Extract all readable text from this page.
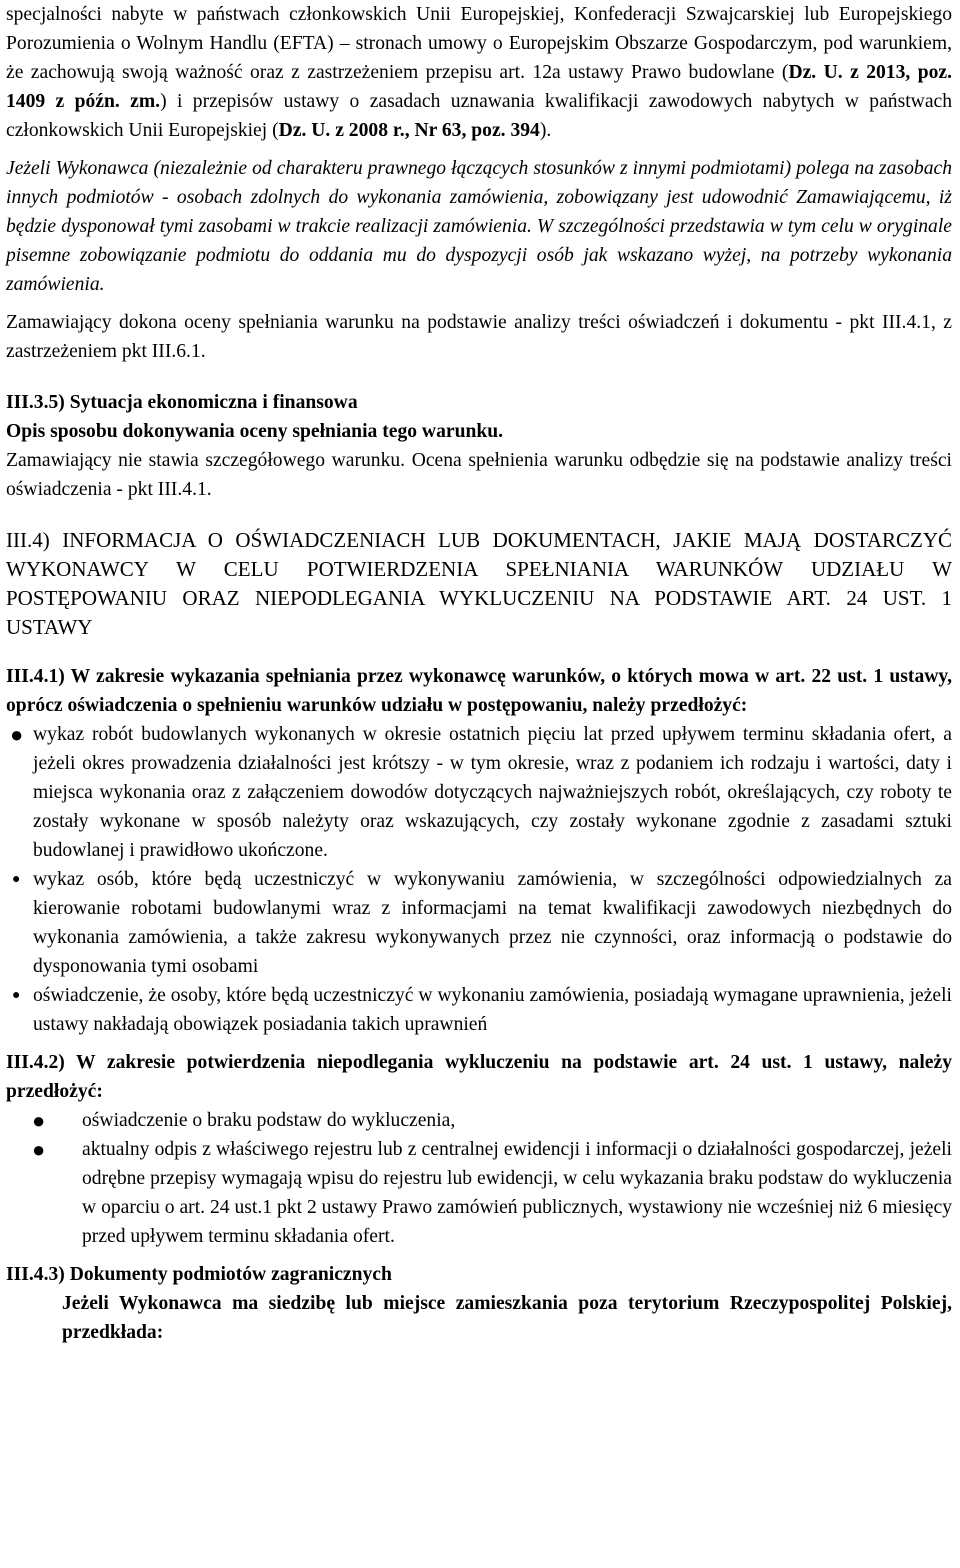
specjalności nabyte w państwach członkowskich Unii Europejskiej, Konfederacji Szwajcarskiej lub Europejskiego Porozumienia o Wolnym Handlu (EFTA) – stronach umowy o Europejskim Obszarze Gospodarczym, pod warunkiem, że zachowują swoją ważność oraz z zastrzeżeniem przepisu art. 12a ustawy Prawo budowlane (Dz. U. z 2013, poz. 1409 z późn. zm.) i przepisów ustawy o zasadach uznawania kwalifikacji zawodowych nabytych w państwach członkowskich Unii Europejskiej (Dz. U. z 2008 r., Nr 63, poz. 394).

Jeżeli Wykonawca (niezależnie od charakteru prawnego łączących stosunków z innymi podmiotami) polega na zasobach innych podmiotów - osobach zdolnych do wykonania zamówienia, zobowiązany jest udowodnić Zamawiającemu, iż będzie dysponował tymi zasobami w trakcie realizacji zamówienia. W szczególności przedstawia w tym celu w oryginale pisemne zobowiązanie podmiotu do oddania mu do dyspozycji osób jak wskazano wyżej, na potrzeby wykonania zamówienia.

Zamawiający dokona oceny spełniania warunku na podstawie analizy treści oświadczeń i dokumentu - pkt III.4.1, z zastrzeżeniem pkt III.6.1.

III.3.5) Sytuacja ekonomiczna i finansowa

Opis sposobu dokonywania oceny spełniania tego warunku.

Zamawiający nie stawia szczegółowego warunku. Ocena spełnienia warunku odbędzie się na podstawie analizy treści oświadczenia - pkt III.4.1.

III.4) INFORMACJA O OŚWIADCZENIACH LUB DOKUMENTACH, JAKIE MAJĄ DOSTARCZYĆ WYKONAWCY W CELU POTWIERDZENIA SPEŁNIANIA WARUNKÓW UDZIAŁU W POSTĘPOWANIU ORAZ NIEPODLEGANIA WYKLUCZENIU NA PODSTAWIE ART. 24 UST. 1 USTAWY

III.4.1) W zakresie wykazania spełniania przez wykonawcę warunków, o których mowa w art. 22 ust. 1 ustawy, oprócz oświadczenia o spełnieniu warunków udziału w postępowaniu, należy przedłożyć:

● wykaz robót budowlanych wykonanych w okresie ostatnich pięciu lat przed upływem terminu składania ofert, a jeżeli okres prowadzenia działalności jest krótszy - w tym okresie, wraz z podaniem ich rodzaju i wartości, daty i miejsca wykonania oraz z załączeniem dowodów dotyczących najważniejszych robót, określających, czy roboty te zostały wykonane w sposób należyty oraz wskazujących, czy zostały wykonane zgodnie z zasadami sztuki budowlanej i prawidłowo ukończone.
● wykaz osób, które będą uczestniczyć w wykonywaniu zamówienia, w szczególności odpowiedzialnych za kierowanie robotami budowlanymi wraz z informacjami na temat kwalifikacji zawodowych niezbędnych do wykonania zamówienia, a także zakresu wykonywanych przez nie czynności, oraz informacją o podstawie do dysponowania tymi osobami
● oświadczenie, że osoby, które będą uczestniczyć w wykonaniu zamówienia, posiadają wymagane uprawnienia, jeżeli ustawy nakładają obowiązek posiadania takich uprawnień

III.4.2) W zakresie potwierdzenia niepodlegania wykluczeniu na podstawie art. 24 ust. 1 ustawy, należy przedłożyć:

● oświadczenie o braku podstaw do wykluczenia,
● aktualny odpis z właściwego rejestru lub z centralnej ewidencji i informacji o działalności gospodarczej, jeżeli odrębne przepisy wymagają wpisu do rejestru lub ewidencji, w celu wykazania braku podstaw do wykluczenia w oparciu o art. 24 ust.1 pkt 2 ustawy Prawo zamówień publicznych, wystawiony nie wcześniej niż 6 miesięcy przed upływem terminu składania ofert.

III.4.3) Dokumenty podmiotów zagranicznych

Jeżeli Wykonawca ma siedzibę lub miejsce zamieszkania poza terytorium Rzeczypospolitej Polskiej, przedkłada:
